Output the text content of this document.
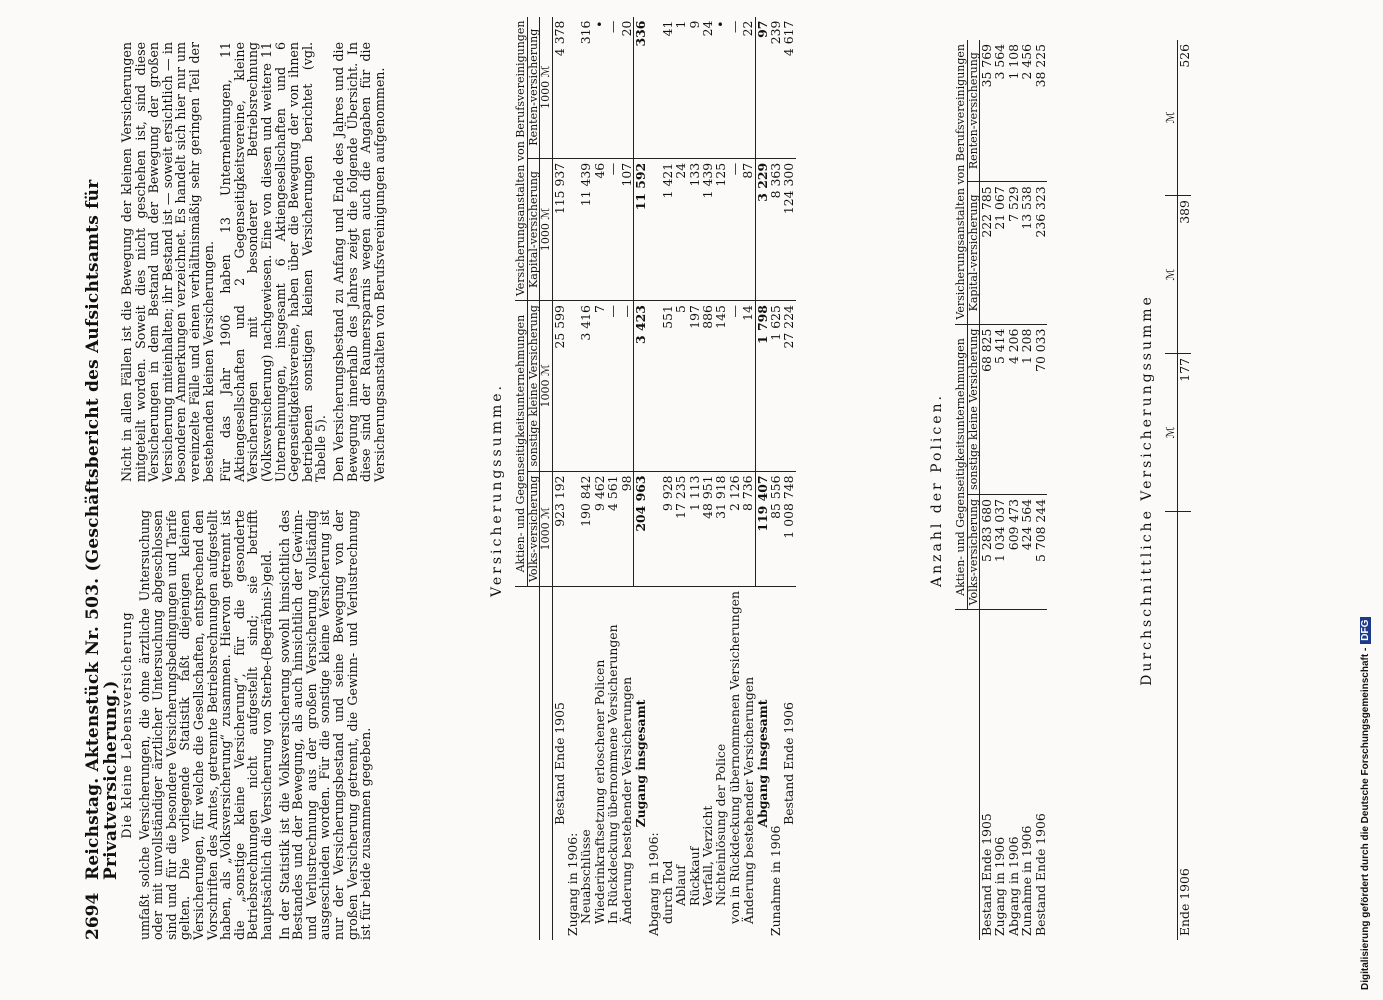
2694
Reichstag. Aktenstück Nr. 503. (Geschäftsbericht des Aufsichtsamts für Privatversicherung.)
Die kleine Lebensversicherung umfaßt solche Versicherungen, die ohne ärztliche Untersuchung oder mit unvollständiger ärztlicher Untersuchung abgeschlossen sind und für die besondere Versicherungsbedingungen und Tarife gelten. Die vorliegende Statistik faßt diejenigen kleinen Versicherungen, für welche die Gesellschaften, entsprechend den Vorschriften des Amtes, getrennte Betriebsrechnungen aufgestellt haben, als „Volksversicherung“ zusammen. Hiervon getrennt ist die „sonstige kleine Versicherung“, für die gesonderte Betriebsrechnungen nicht aufgestellt sind; sie betrifft hauptsächlich die Versicherung von Sterbe-(Begräbnis-)geld. In der Statistik ist die Volksversicherung sowohl hinsichtlich des Bestandes und der Bewegung, als auch hinsichtlich der Gewinn- und Verlustrechnung aus der großen Versicherung vollständig ausgeschieden worden. Für die sonstige kleine Versicherung ist nur der Versicherungsbestand und seine Bewegung von der großen Versicherung getrennt, die Gewinn- und Verlustrechnung ist für beide zusammen gegeben.

Nicht in allen Fällen ist die Bewegung der kleinen Versicherungen mitgeteilt worden. Soweit dies nicht geschehen ist, sind diese Versicherungen in dem Bestand und der Bewegung der großen Versicherung miteinhalten; ihr Bestand ist — soweit ersichtlich — in besonderen Anmerkungen verzeichnet. Es handelt sich hier nur um vereinzelte Fälle und einen verhältnismäßig sehr geringen Teil der bestehenden kleinen Versicherungen. Für das Jahr 1906 haben 13 Unternehmungen, 11 Aktiengesellschaften und 2 Gegenseitigkeitsvereine, kleine Versicherungen mit besonderer Betriebsrechnung (Volksversicherung) nachgewiesen. Eine von diesen und weitere 11 Unternehmungen, insgesamt 6 Aktiengesellschaften und 6 Gegenseitigkeitsvereine, haben über die Bewegung der von ihnen betriebenen sonstigen kleinen Versicherungen berichtet (vgl. Tabelle 5). Den Versicherungsbestand zu Anfang und Ende des Jahres und die Bewegung innerhalb des Jahres zeigt die folgende Übersicht. In diese sind der Raumersparnis wegen auch die Angaben für die Versicherungsanstalten von Berufsvereinigungen aufgenommen.

Versicherungssumme.
	Aktien- und Gegenseitigkeitsunternehmungen		Versicherungsanstalten von Berufsvereinigungen	
	Volks-versicherung	sonstige kleine Versicherung	Kapital-versicherung	Renten-versicherung
	1000 ℳ	1000 ℳ	1000 ℳ	1000 ℳ
Bestand Ende 1905	923 192	25 599	115 937	4 378
Zugang in 1906:				
Neuabschlüsse	190 842	3 416	11 439	316
Wiederinkraftsetzung erloschener Policen	9 462	7	46	•
In Rückdeckung übernommene Versicherungen	4 561	—	—	—
Änderung bestehender Versicherungen	98	—	107	20
Zugang insgesamt	204 963	3 423	11 592	336
Abgang in 1906:				
durch Tod	9 928	551	1 421	41
Ablauf	17 235	5	24	1
Rückkauf	1 113	197	133	9
Verfall, Verzicht	48 951	886	1 439	24
Nichteinlösung der Police	31 918	145	125	•
von in Rückdeckung übernommenen Versicherungen	2 126	—	—	—
Änderung bestehender Versicherungen	8 736	14	87	22
Abgang insgesamt	119 407	1 798	3 229	97
Zunahme in 1906	85 556	1 625	8 363	239
Bestand Ende 1906	1 008 748	27 224	124 300	4 617
Anzahl der Policen.
	Aktien- und Gegenseitigkeitsunternehmungen		Versicherungsanstalten von Berufsvereinigungen	
	Volks-versicherung	sonstige kleine Versicherung	Kapital-versicherung	Renten-versicherung
Bestand Ende 1905	5 283 680	68 825	222 785	35 769
Zugang in 1906	1 034 037	5 414	21 067	3 564
Abgang in 1906	609 473	4 206	7 529	1 108
Zunahme in 1906	424 564	1 208	13 538	2 456
Bestand Ende 1906	5 708 244	70 033	236 323	38 225
Durchschnittliche Versicherungssumme
	ℳ	ℳ	ℳ
Ende 1906	177	389	526
Digitalisierung gefördert durch die Deutsche Forschungsgemeinschaft -DFG
